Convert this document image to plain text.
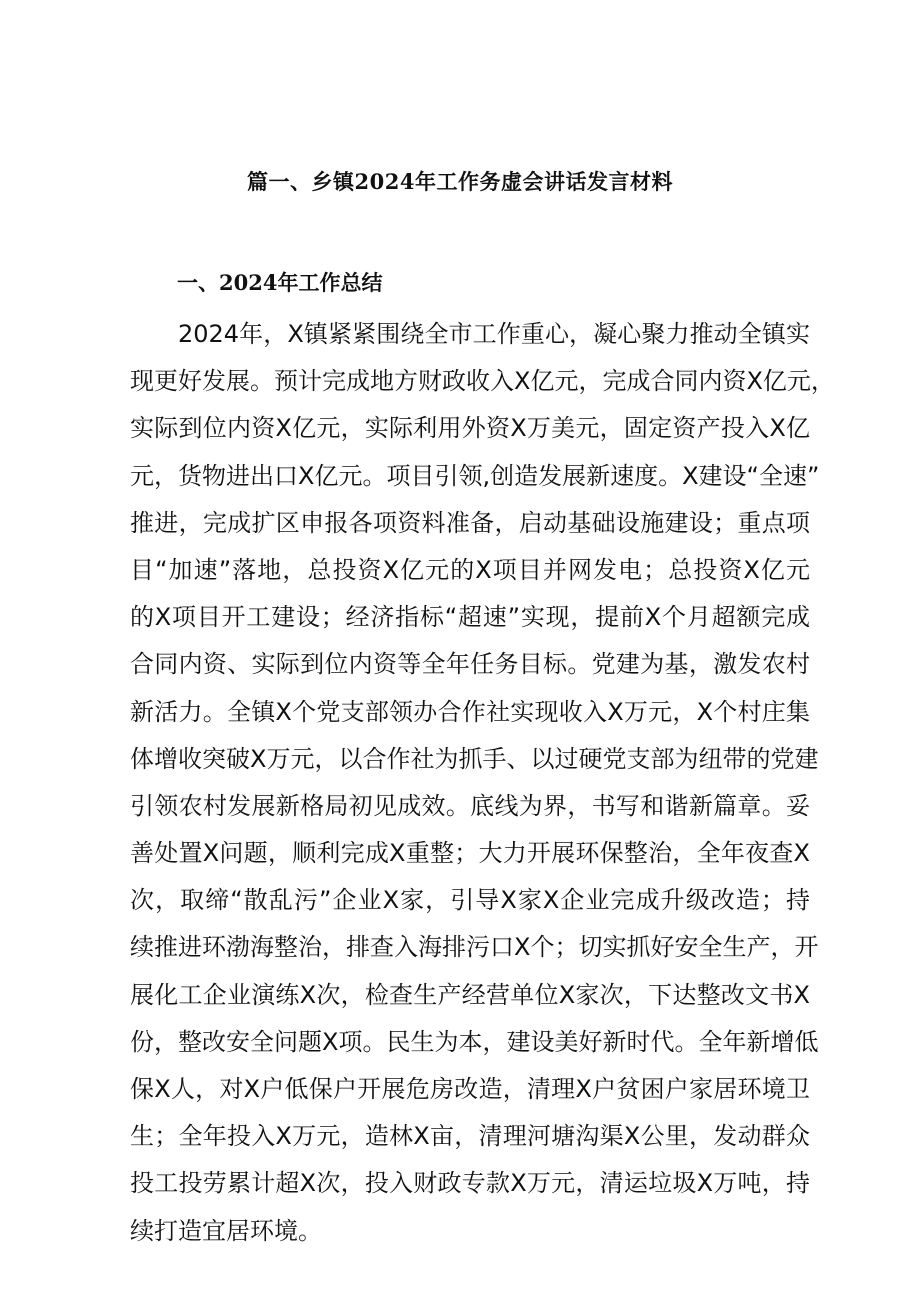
篇一、乡镇2024年工作务虚会讲话发言材料
一、2024年工作总结
2024年，X镇紧紧围绕全市工作重心，凝心聚力推动全镇实
现更好发展。预计完成地方财政收入X亿元，完成合同内资X亿元，
实际到位内资X亿元，实际利用外资X万美元，固定资产投入X亿
元，货物进出口X亿元。项目引领,创造发展新速度。X建设“全速”
推进，完成扩区申报各项资料准备，启动基础设施建设；重点项
目“加速”落地，总投资X亿元的X项目并网发电；总投资X亿元
的X项目开工建设；经济指标“超速”实现，提前X个月超额完成
合同内资、实际到位内资等全年任务目标。党建为基，激发农村
新活力。全镇X个党支部领办合作社实现收入X万元，X个村庄集
体增收突破X万元，以合作社为抓手、以过硬党支部为纽带的党建
引领农村发展新格局初见成效。底线为界，书写和谐新篇章。妥
善处置X问题，顺利完成X重整；大力开展环保整治，全年夜查X
次，取缔“散乱污”企业X家，引导X家X企业完成升级改造；持
续推进环渤海整治，排查入海排污口X个；切实抓好安全生产，开
展化工企业演练X次，检查生产经营单位X家次，下达整改文书X
份，整改安全问题X项。民生为本，建设美好新时代。全年新增低
保X人，对X户低保户开展危房改造，清理X户贫困户家居环境卫
生；全年投入X万元，造林X亩，清理河塘沟渠X公里，发动群众
投工投劳累计超X次，投入财政专款X万元，清运垃圾X万吨，持
续打造宜居环境。
